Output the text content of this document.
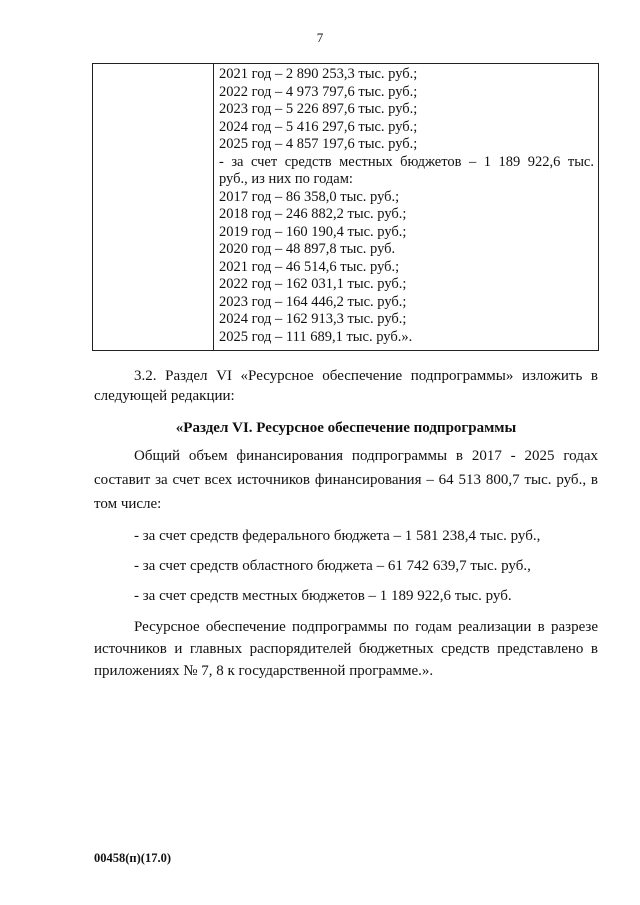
7

2021 год – 2 890 253,3 тыс. руб.;
2022 год – 4 973 797,6 тыс. руб.;
2023 год – 5 226 897,6 тыс. руб.;
2024 год – 5 416 297,6 тыс. руб.;
2025 год – 4 857 197,6 тыс. руб.;
- за счет средств местных бюджетов – 1 189 922,6 тыс.
руб., из них по годам:
2017 год – 86 358,0 тыс. руб.;
2018 год – 246 882,2 тыс. руб.;
2019 год – 160 190,4 тыс. руб.;
2020 год – 48 897,8 тыс. руб.
2021 год – 46 514,6 тыс. руб.;
2022 год – 162 031,1 тыс. руб.;
2023 год – 164 446,2 тыс. руб.;
2024 год – 162 913,3 тыс. руб.;
2025 год – 111 689,1 тыс. руб.».

3.2. Раздел VI «Ресурсное обеспечение подпрограммы» изложить в следующей редакции:

«Раздел VI. Ресурсное обеспечение подпрограммы

Общий объем финансирования подпрограммы в 2017 - 2025 годах составит за счет всех источников финансирования – 64 513 800,7 тыс. руб., в том числе:

- за счет средств федерального бюджета – 1 581 238,4 тыс. руб.,

- за счет средств областного бюджета – 61 742 639,7 тыс. руб.,

- за счет средств местных бюджетов – 1 189 922,6 тыс. руб.

Ресурсное обеспечение подпрограммы по годам реализации в разрезе источников и главных распорядителей бюджетных средств представлено в приложениях № 7, 8 к государственной программе.».

00458(п)(17.0)
